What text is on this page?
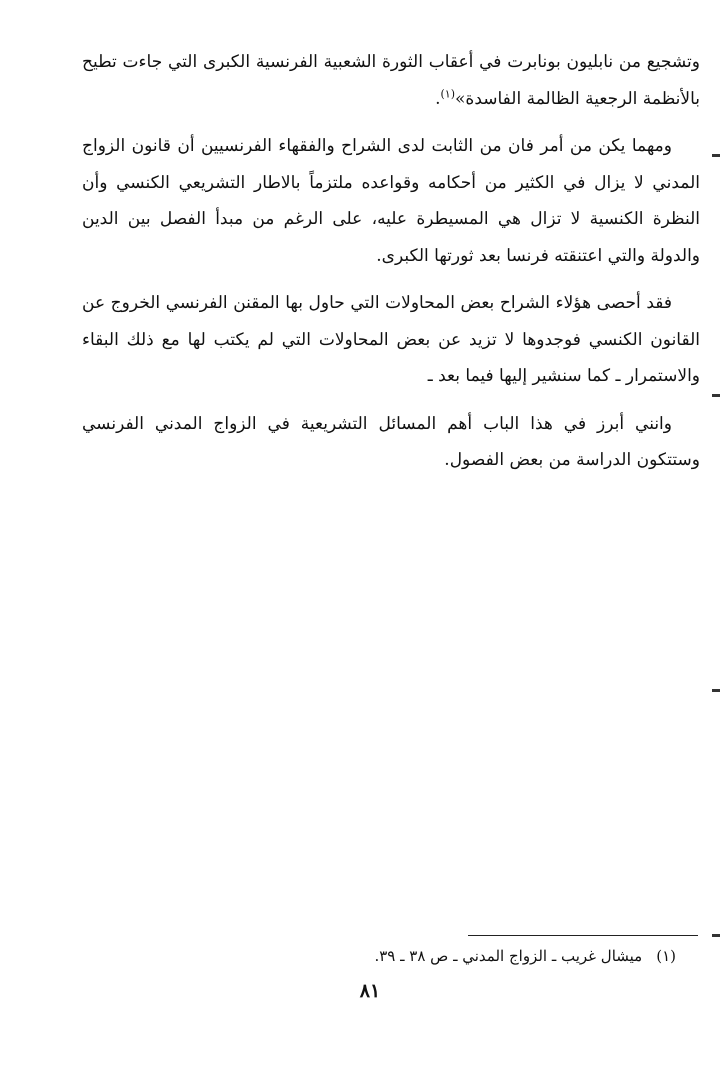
وتشجيع من نابليون بونابرت في أعقاب الثورة الشعبية الفرنسية الكبرى التي جاءت تطيح بالأنظمة الرجعية الظالمة الفاسدة»$^{(١)}$.

ومهما يكن من أمر فان من الثابت لدى الشراح والفقهاء الفرنسيين أن قانون الزواج المدني لا يزال في الكثير من أحكامه وقواعده ملتزماً بالاطار التشريعي الكنسي وأن النظرة الكنسية لا تزال هي المسيطرة عليه، على الرغم من مبدأ الفصل بين الدين والدولة والتي اعتنقته فرنسا بعد ثورتها الكبرى.

فقد أحصى هؤلاء الشراح بعض المحاولات التي حاول بها المقنن الفرنسي الخروج عن القانون الكنسي فوجدوها لا تزيد عن بعض المحاولات التي لم يكتب لها مع ذلك البقاء والاستمرار ـ كما سنشير إليها فيما بعد ـ

وانني أبرز في هذا الباب أهم المسائل التشريعية في الزواج المدني الفرنسي وستتكون الدراسة من بعض الفصول.

(١)ميشال غريب ـ الزواج المدني ـ ص ٣٨ ـ ٣٩.
٨١
